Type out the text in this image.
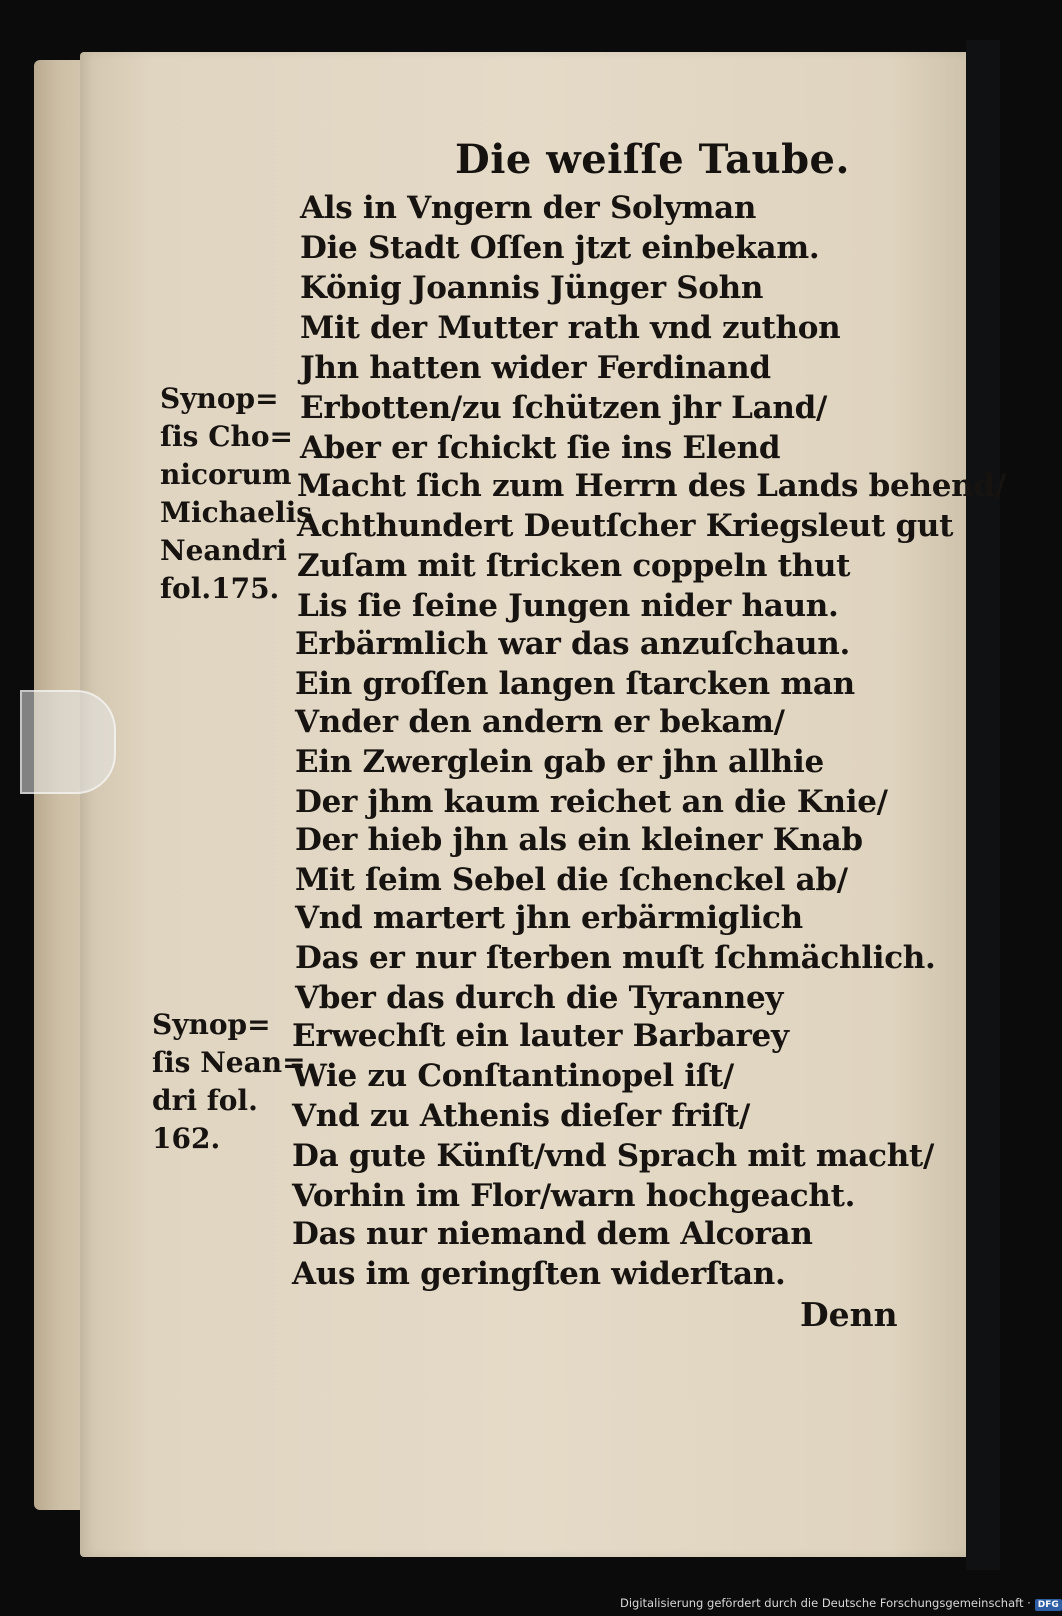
Die weiſſe Taube.
Als in Vngern der Solyman
Die Stadt Oſſen jtzt einbekam.
König Joannis Jünger Sohn
Mit der Mutter rath vnd zuthon
Jhn hatten wider Ferdinand
Erbotten/zu ſchützen jhr Land/
Aber er ſchickt ſie ins Elend
Macht ſich zum Herrn des Lands behend/
Achthundert Deutſcher Kriegsleut gut
Zuſam mit ſtricken coppeln thut
Lis ſie ſeine Jungen nider haun.
Erbärmlich war das anzuſchaun.
Ein groſſen langen ſtarcken man
Vnder den andern er bekam/
Ein Zwerglein gab er jhn allhie
Der jhm kaum reichet an die Knie/
Der hieb jhn als ein kleiner Knab
Mit ſeim Sebel die ſchenckel ab/
Vnd martert jhn erbärmiglich
Das er nur ſterben muſt ſchmächlich.
Vber das durch die Tyranney
Erwechſt ein lauter Barbarey
Wie zu Conſtantinopel iſt/
Vnd zu Athenis dieſer friſt/
Da gute Künſt/vnd Sprach mit macht/
Vorhin im Flor/warn hochgeacht.
Das nur niemand dem Alcoran
Aus im geringſten widerſtan.
Synop=
ſis Cho=
nicorum
Michaelis
Neandri
fol.175.
Synop=
ſis Nean=
dri fol.
162.
Denn
Digitalisierung gefördert durch die Deutsche Forschungsgemeinschaft · DFG
